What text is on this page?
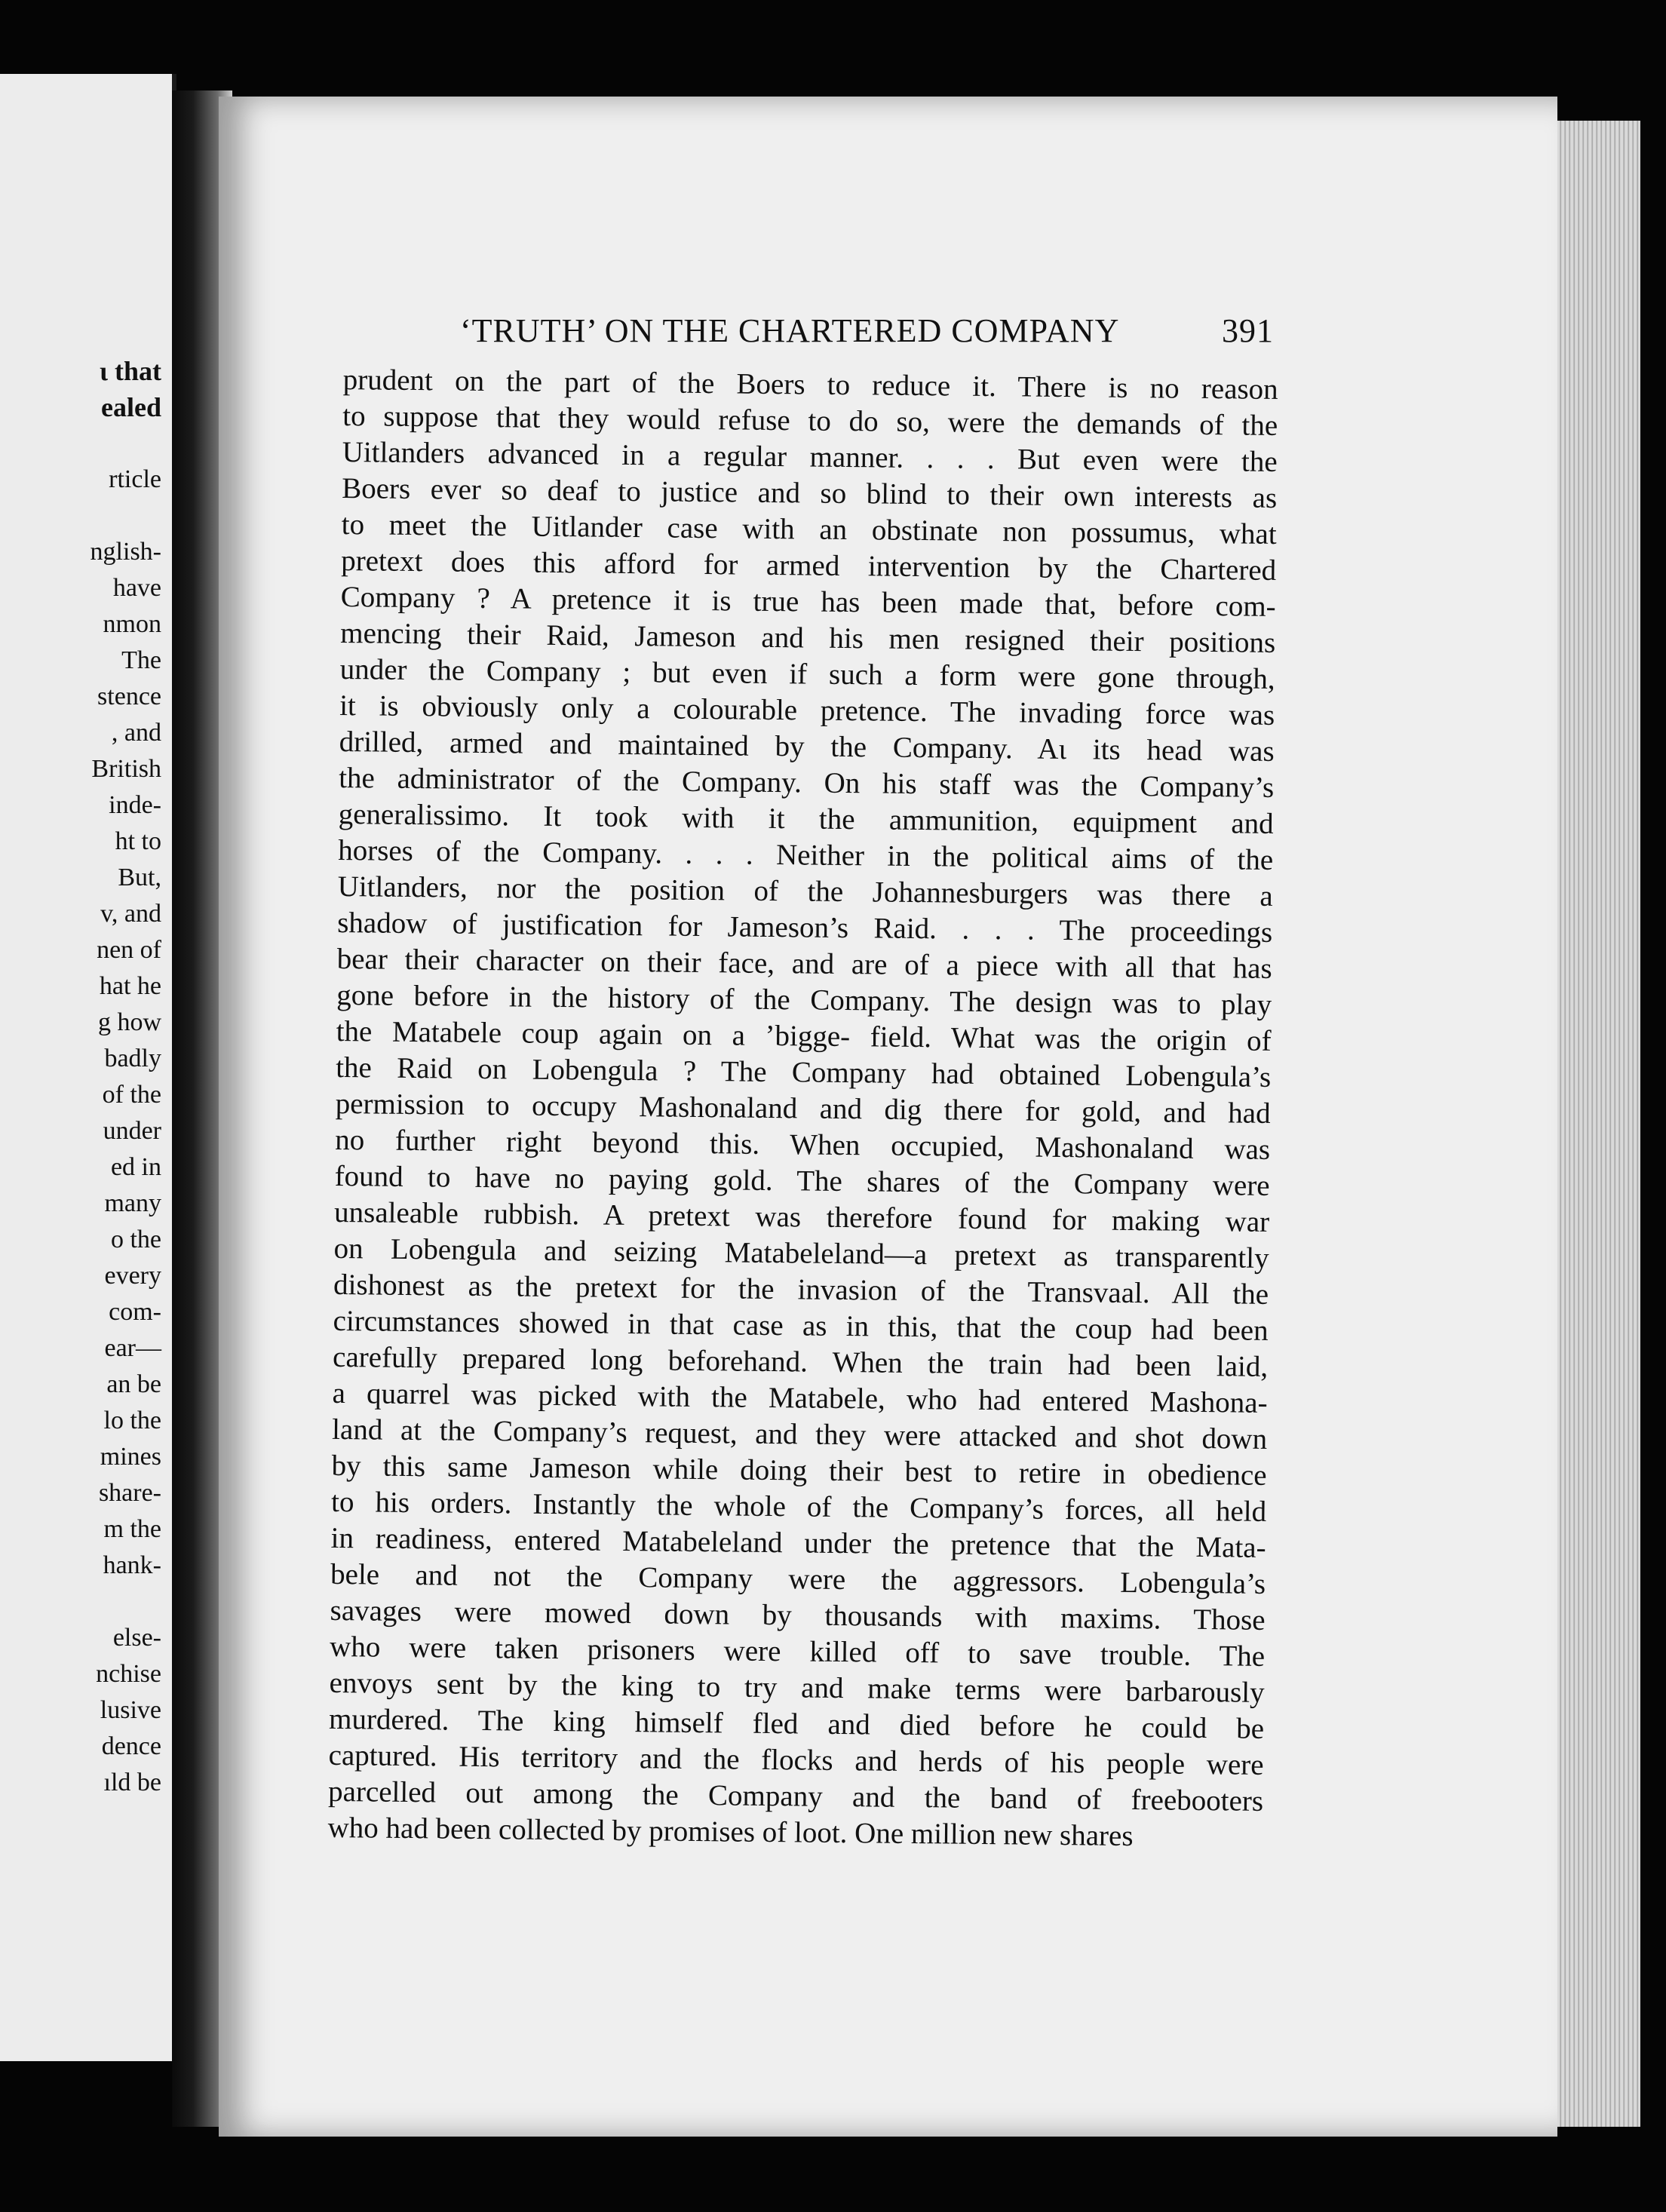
ι that
ealed

rticle

nglish-
have
nmon
The
stence
, and
British
inde-
ht to
But,
v, and
nen of
hat he
g how
badly
of the
under
ed in
many
o the
every
com-
ear—
an be
lo the
mines
share-
m the
hank-

else-
nchise
lusive
dence
ıld be
‘TRUTH’ ON THE CHARTERED COMPANY	391
prudent on the part of the Boers to reduce it. There is no reason
to suppose that they would refuse to do so, were the demands of the
Uitlanders advanced in a regular manner. . . . But even were the
Boers ever so deaf to justice and so blind to their own interests as
to meet the Uitlander case with an obstinate non possumus, what
pretext does this afford for armed intervention by the Chartered
Company ? A pretence it is true has been made that, before com-
mencing their Raid, Jameson and his men resigned their positions
under the Company ; but even if such a form were gone through,
it is obviously only a colourable pretence. The invading force was
drilled, armed and maintained by the Company. Aι its head was
the administrator of the Company. On his staff was the Company’s
generalissimo. It took with it the ammunition, equipment and
horses of the Company. . . . Neither in the political aims of the
Uitlanders, nor the position of the Johannesburgers was there a
shadow of justification for Jameson’s Raid. . . . The proceedings
bear their character on their face, and are of a piece with all that has
gone before in the history of the Company. The design was to play
the Matabele coup again on a ’bigge‑ field. What was the origin of
the Raid on Lobengula ? The Company had obtained Lobengula’s
permission to occupy Mashonaland and dig there for gold, and had
no further right beyond this. When occupied, Mashonaland was
found to have no paying gold. The shares of the Company were
unsaleable rubbish. A pretext was therefore found for making war
on Lobengula and seizing Matabeleland—a pretext as transparently
dishonest as the pretext for the invasion of the Transvaal. All the
circumstances showed in that case as in this, that the coup had been
carefully prepared long beforehand. When the train had been laid,
a quarrel was picked with the Matabele, who had entered Mashona-
land at the Company’s request, and they were attacked and shot down
by this same Jameson while doing their best to retire in obedience
to his orders. Instantly the whole of the Company’s forces, all held
in readiness, entered Matabeleland under the pretence that the Mata-
bele and not the Company were the aggressors. Lobengula’s
savages were mowed down by thousands with maxims. Those
who were taken prisoners were killed off to save trouble. The
envoys sent by the king to try and make terms were barbarously
murdered. The king himself fled and died before he could be
captured. His territory and the flocks and herds of his people were
parcelled out among the Company and the band of freebooters
who had been collected by promises of loot. One million new shares
